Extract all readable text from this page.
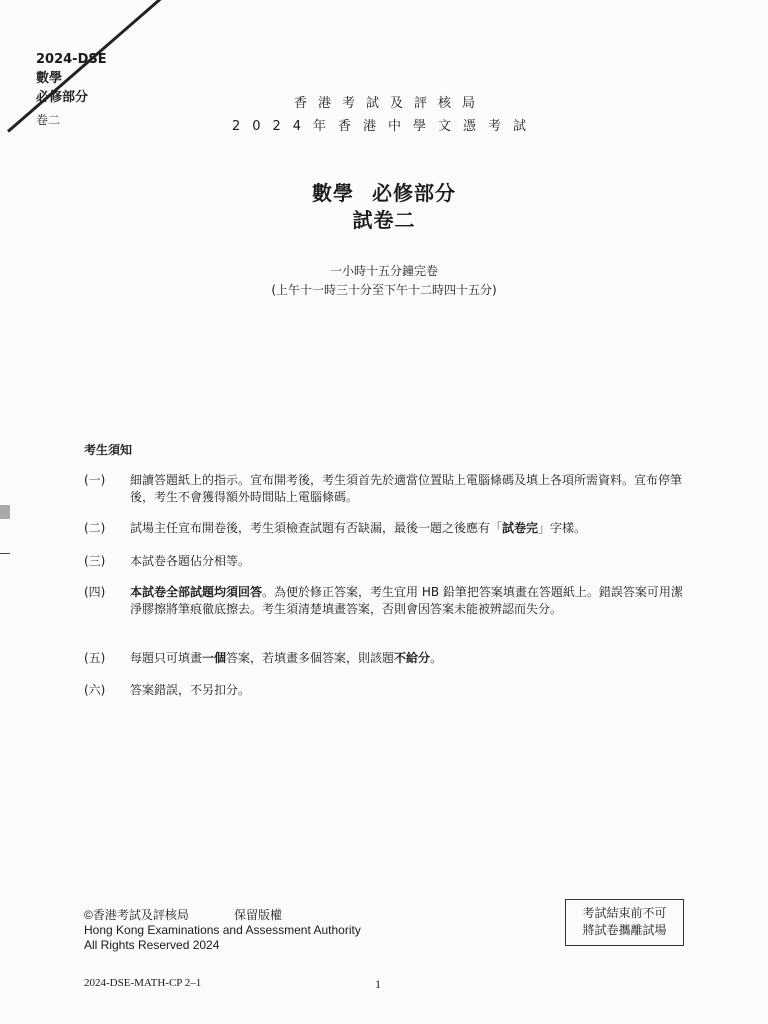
2024-DSE
數學
必修部分
卷二
香港考試及評核局
2024年香港中學文憑考試
數學 必修部分
試卷二
一小時十五分鐘完卷
(上午十一時三十分至下午十二時四十五分)
考生須知
(一)	細讀答題紙上的指示。宣布開考後，考生須首先於適當位置貼上電腦條碼及填上各項所需資料。宣布停筆後，考生不會獲得額外時間貼上電腦條碼。
(二)	試場主任宣布開卷後，考生須檢查試題有否缺漏，最後一題之後應有「試卷完」字樣。
(三)	本試卷各題佔分相等。
(四)	本試卷全部試題均須回答。為便於修正答案，考生宜用 HB 鉛筆把答案填畫在答題紙上。錯誤答案可用潔淨膠擦將筆痕徹底擦去。考生須清楚填畫答案，否則會因答案未能被辨認而失分。
(五)	每題只可填畫一個答案，若填畫多個答案，則該題不給分。
(六)	答案錯誤，不另扣分。
©香港考試及評核局	保留版權
Hong Kong Examinations and Assessment Authority
All Rights Reserved 2024
考試結束前不可
將試卷攜離試場
2024-DSE-MATH-CP 2–1	1
